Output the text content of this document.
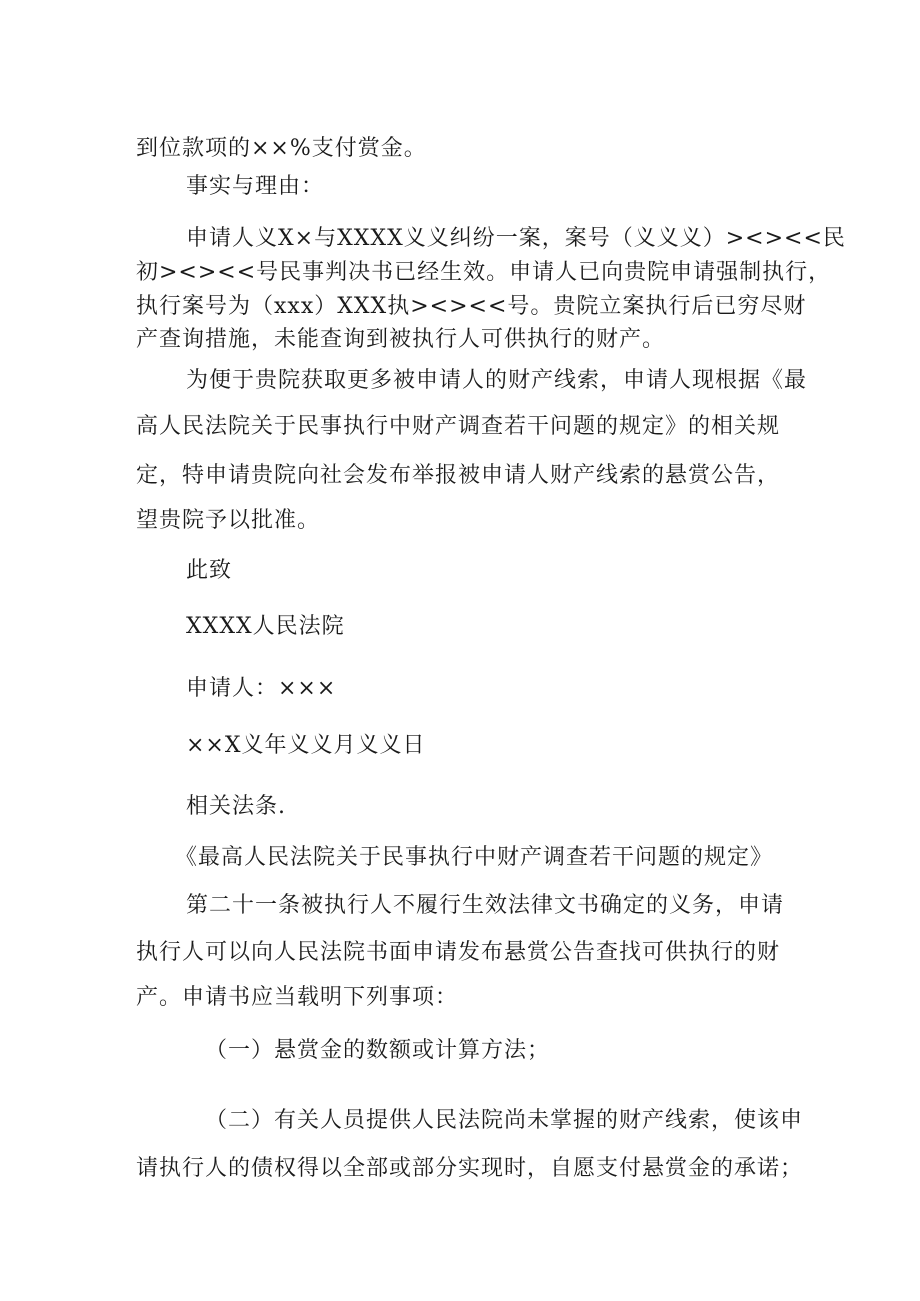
到位款项的××%支付赏金。
事实与理由：
申请人义X×与XXXX义义纠纷一案，案号（义义义）><><<民
初><><<号民事判决书已经生效。申请人已向贵院申请强制执行，
执行案号为（xxx）XXX执><><<号。贵院立案执行后已穷尽财
产查询措施，未能查询到被执行人可供执行的财产。
为便于贵院获取更多被申请人的财产线索，申请人现根据《最
高人民法院关于民事执行中财产调查若干问题的规定》的相关规
定，特申请贵院向社会发布举报被申请人财产线索的悬赏公告，
望贵院予以批准。
此致
XXXX人民法院
申请人：×××
××X义年义义月义义日
相关法条.
《最高人民法院关于民事执行中财产调查若干问题的规定》
第二十一条被执行人不履行生效法律文书确定的义务，申请
执行人可以向人民法院书面申请发布悬赏公告查找可供执行的财
产。申请书应当载明下列事项：
（一）悬赏金的数额或计算方法；
（二）有关人员提供人民法院尚未掌握的财产线索，使该申
请执行人的债权得以全部或部分实现时，自愿支付悬赏金的承诺；
